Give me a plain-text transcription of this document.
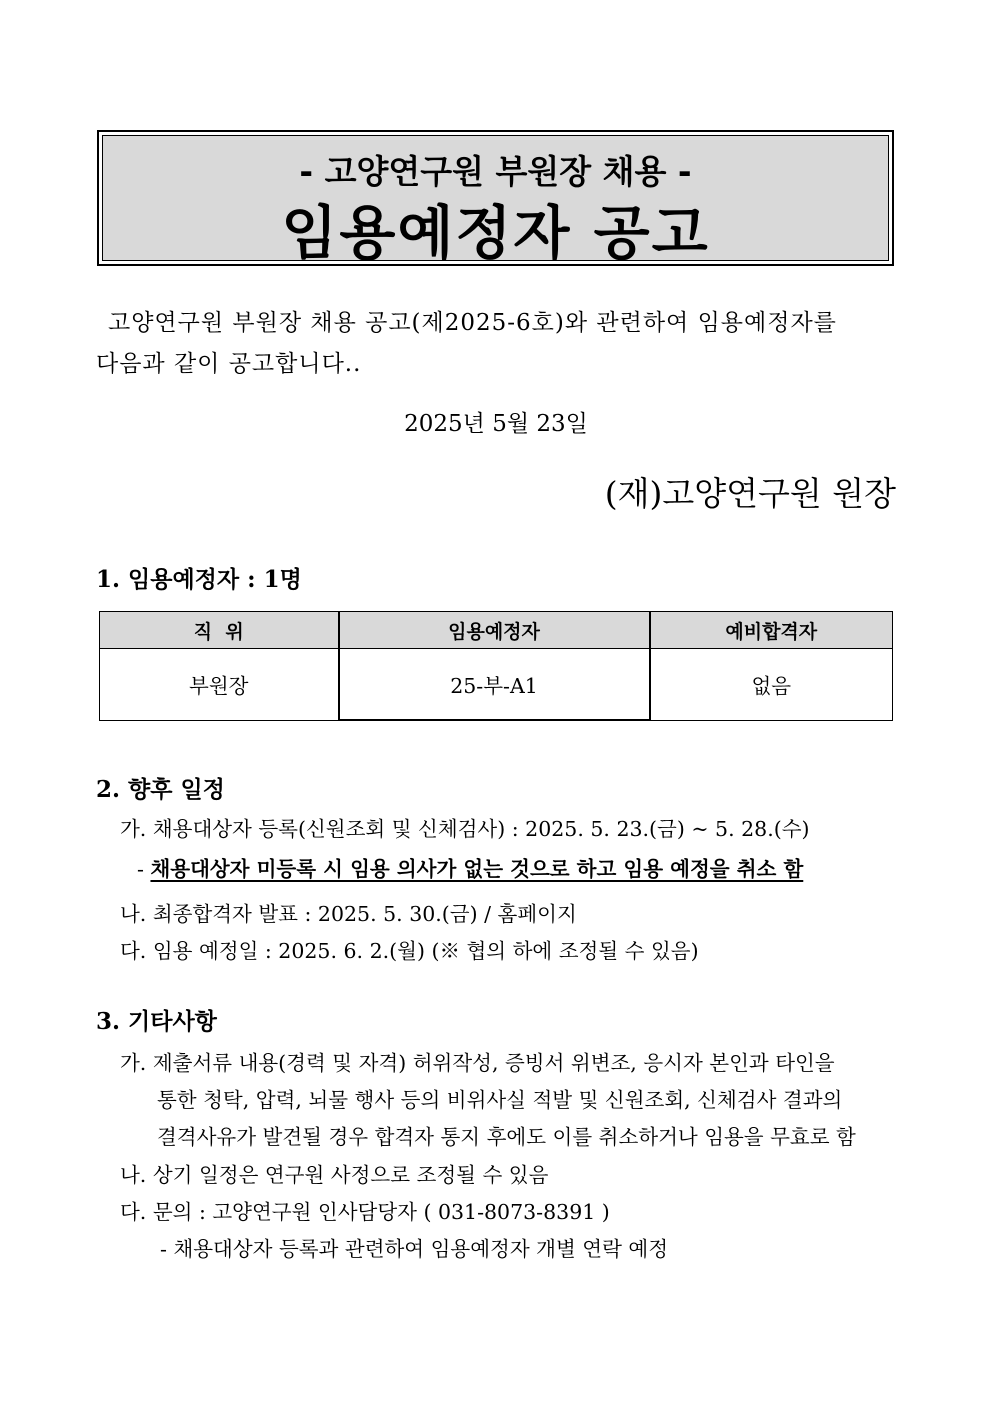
- 고양연구원 부원장 채용 -
임용예정자 공고
고양연구원 부원장 채용 공고(제2025-6호)와 관련하여 임용예정자를
다음과 같이 공고합니다..
2025년 5월 23일
(재)고양연구원 원장
1. 임용예정자 : 1명
직  위	임용예정자	예비합격자
부원장	25-부-A1	없음
2. 향후 일정
가. 채용대상자 등록(신원조회 및 신체검사) : 2025. 5. 23.(금) ~ 5. 28.(수)
- 채용대상자 미등록 시 임용 의사가 없는 것으로 하고 임용 예정을 취소 함
나. 최종합격자 발표 : 2025. 5. 30.(금) / 홈페이지
다. 임용 예정일 : 2025. 6. 2.(월) (※ 협의 하에 조정될 수 있음)
3. 기타사항
가. 제출서류 내용(경력 및 자격) 허위작성, 증빙서 위변조, 응시자 본인과 타인을
통한 청탁, 압력, 뇌물 행사 등의 비위사실 적발 및 신원조회, 신체검사 결과의
결격사유가 발견될 경우 합격자 통지 후에도 이를 취소하거나 임용을 무효로 함
나. 상기 일정은 연구원 사정으로 조정될 수 있음
다. 문의 : 고양연구원 인사담당자 ( 031-8073-8391 )
- 채용대상자 등록과 관련하여 임용예정자 개별 연락 예정
